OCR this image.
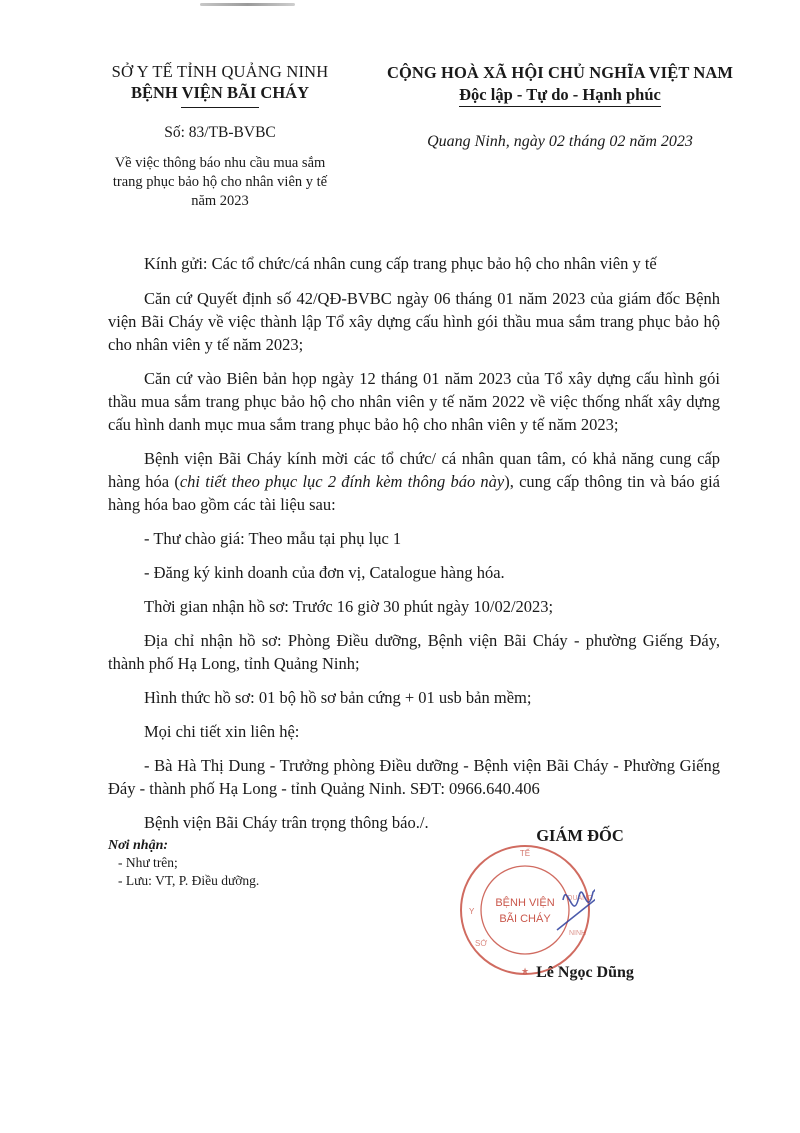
SỞ Y TẾ TỈNH QUẢNG NINH
BỆNH VIỆN BÃI CHÁY
Số: 83/TB-BVBC
Về việc thông báo nhu cầu mua sắm trang phục bảo hộ cho nhân viên y tế năm 2023
CỘNG HOÀ XÃ HỘI CHỦ NGHĨA VIỆT NAM
Độc lập - Tự do - Hạnh phúc
Quang Ninh, ngày 02 tháng 02 năm 2023

Kính gửi: Các tổ chức/cá nhân cung cấp trang phục bảo hộ cho nhân viên y tế

Căn cứ Quyết định số 42/QĐ-BVBC ngày 06 tháng 01 năm 2023 của giám đốc Bệnh viện Bãi Cháy về việc thành lập Tổ xây dựng cấu hình gói thầu mua sắm trang phục bảo hộ cho nhân viên y tế năm 2023;

Căn cứ vào Biên bản họp ngày 12 tháng 01 năm 2023 của Tổ xây dựng cấu hình gói thầu mua sắm trang phục bảo hộ cho nhân viên y tế năm 2022 về việc thống nhất xây dựng cấu hình danh mục mua sắm trang phục bảo hộ cho nhân viên y tế năm 2023;

Bệnh viện Bãi Cháy kính mời các tổ chức/ cá nhân quan tâm, có khả năng cung cấp hàng hóa (chi tiết theo phục lục 2 đính kèm thông báo này), cung cấp thông tin và báo giá hàng hóa bao gồm các tài liệu sau:

- Thư chào giá: Theo mẫu tại phụ lục 1

- Đăng ký kinh doanh của đơn vị, Catalogue hàng hóa.

Thời gian nhận hồ sơ: Trước 16 giờ 30 phút ngày 10/02/2023;

Địa chỉ nhận hồ sơ: Phòng Điều dưỡng, Bệnh viện Bãi Cháy - phường Giếng Đáy, thành phố Hạ Long, tỉnh Quảng Ninh;

Hình thức hồ sơ: 01 bộ hồ sơ bản cứng + 01 usb bản mềm;

Mọi chi tiết xin liên hệ:

- Bà Hà Thị Dung - Trưởng phòng Điều dưỡng - Bệnh viện Bãi Cháy - Phường Giếng Đáy - thành phố Hạ Long - tỉnh Quảng Ninh. SĐT: 0966.640.406

Bệnh viện Bãi Cháy trân trọng thông báo./.

Nơi nhận:
- Như trên;
- Lưu: VT, P. Điều dưỡng.
GIÁM ĐỐC
TẾ
Y
QUẢNG
NINH
SỞ
★
BỆNH VIỆN
BÃI CHÁY
Lê Ngọc Dũng
